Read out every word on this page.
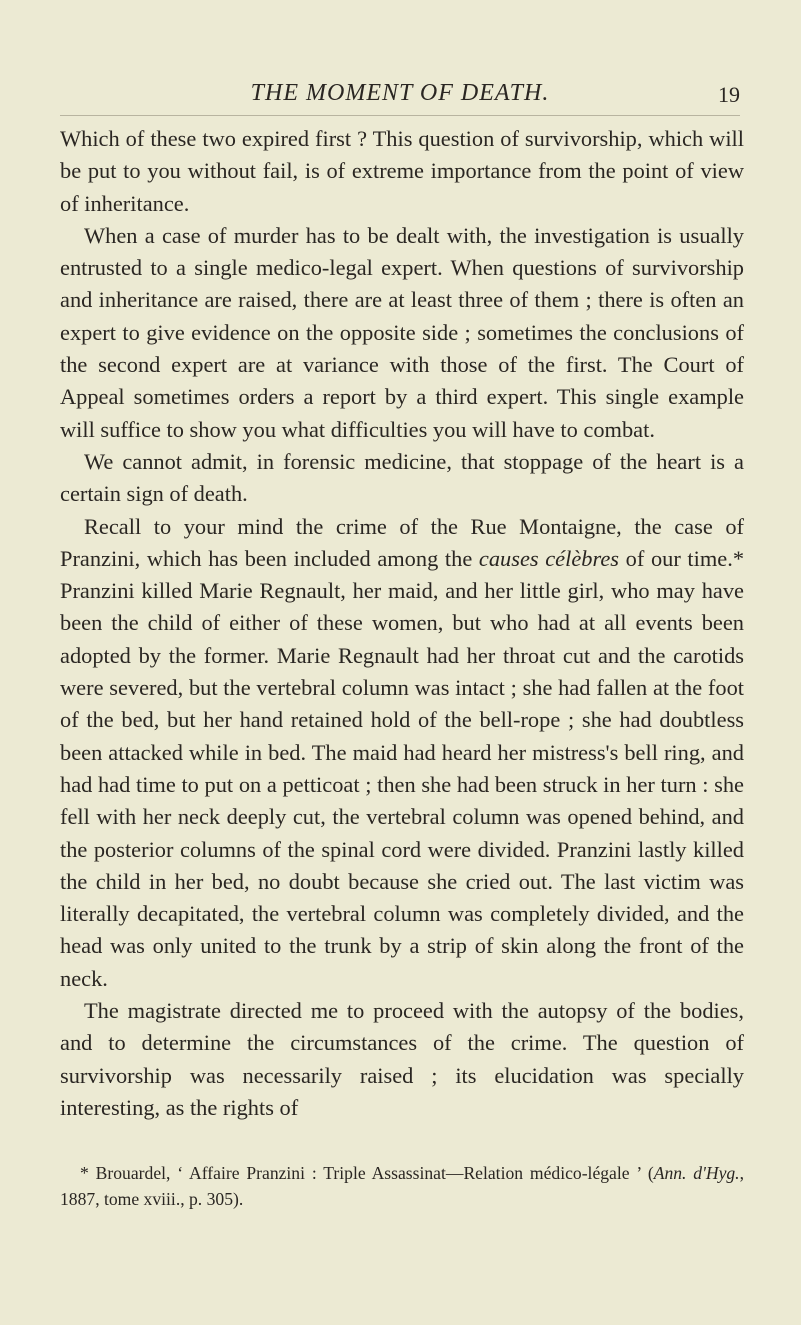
THE MOMENT OF DEATH.	19

Which of these two expired first ? This question of survivorship, which will be put to you without fail, is of extreme importance from the point of view of inheritance.

When a case of murder has to be dealt with, the investigation is usually entrusted to a single medico-legal expert. When questions of survivorship and inheritance are raised, there are at least three of them ; there is often an expert to give evidence on the opposite side ; sometimes the conclusions of the second expert are at variance with those of the first. The Court of Appeal sometimes orders a report by a third expert. This single example will suffice to show you what difficulties you will have to combat.

We cannot admit, in forensic medicine, that stoppage of the heart is a certain sign of death.

Recall to your mind the crime of the Rue Montaigne, the case of Pranzini, which has been included among the causes célèbres of our time.* Pranzini killed Marie Regnault, her maid, and her little girl, who may have been the child of either of these women, but who had at all events been adopted by the former. Marie Regnault had her throat cut and the carotids were severed, but the vertebral column was intact ; she had fallen at the foot of the bed, but her hand retained hold of the bell-rope ; she had doubtless been attacked while in bed. The maid had heard her mistress's bell ring, and had had time to put on a petticoat ; then she had been struck in her turn : she fell with her neck deeply cut, the vertebral column was opened behind, and the posterior columns of the spinal cord were divided. Pranzini lastly killed the child in her bed, no doubt because she cried out. The last victim was literally decapitated, the vertebral column was completely divided, and the head was only united to the trunk by a strip of skin along the front of the neck.

The magistrate directed me to proceed with the autopsy of the bodies, and to determine the circumstances of the crime. The question of survivorship was necessarily raised ; its elucidation was specially interesting, as the rights of

* Brouardel, ‘ Affaire Pranzini : Triple Assassinat—Relation médico-légale ’ (Ann. d'Hyg., 1887, tome xviii., p. 305).
